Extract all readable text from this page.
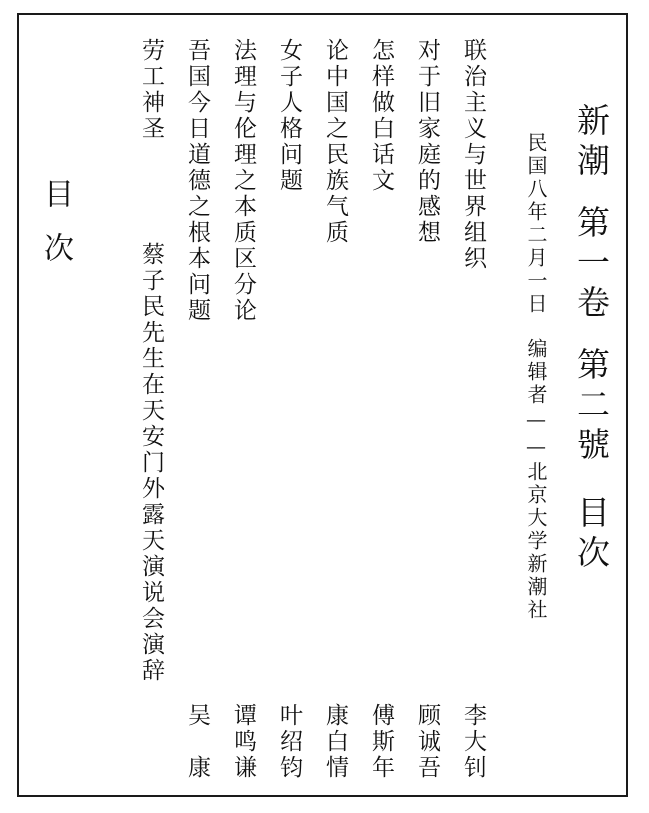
新潮第一卷第二號目次
民国八年二月一日编辑者——北京大学新潮社
联治主义与世界组织
对于旧家庭的感想
怎样做白话文
论中国之民族气质
女子人格问题
法理与伦理之本质区分论
吾国今日道德之根本问题
劳工神圣
李大钊
顾诚吾
傅斯年
康白情
叶绍钧
谭鸣谦
吴　康
蔡子民先生在天安门外露天演说会演辞
目次
